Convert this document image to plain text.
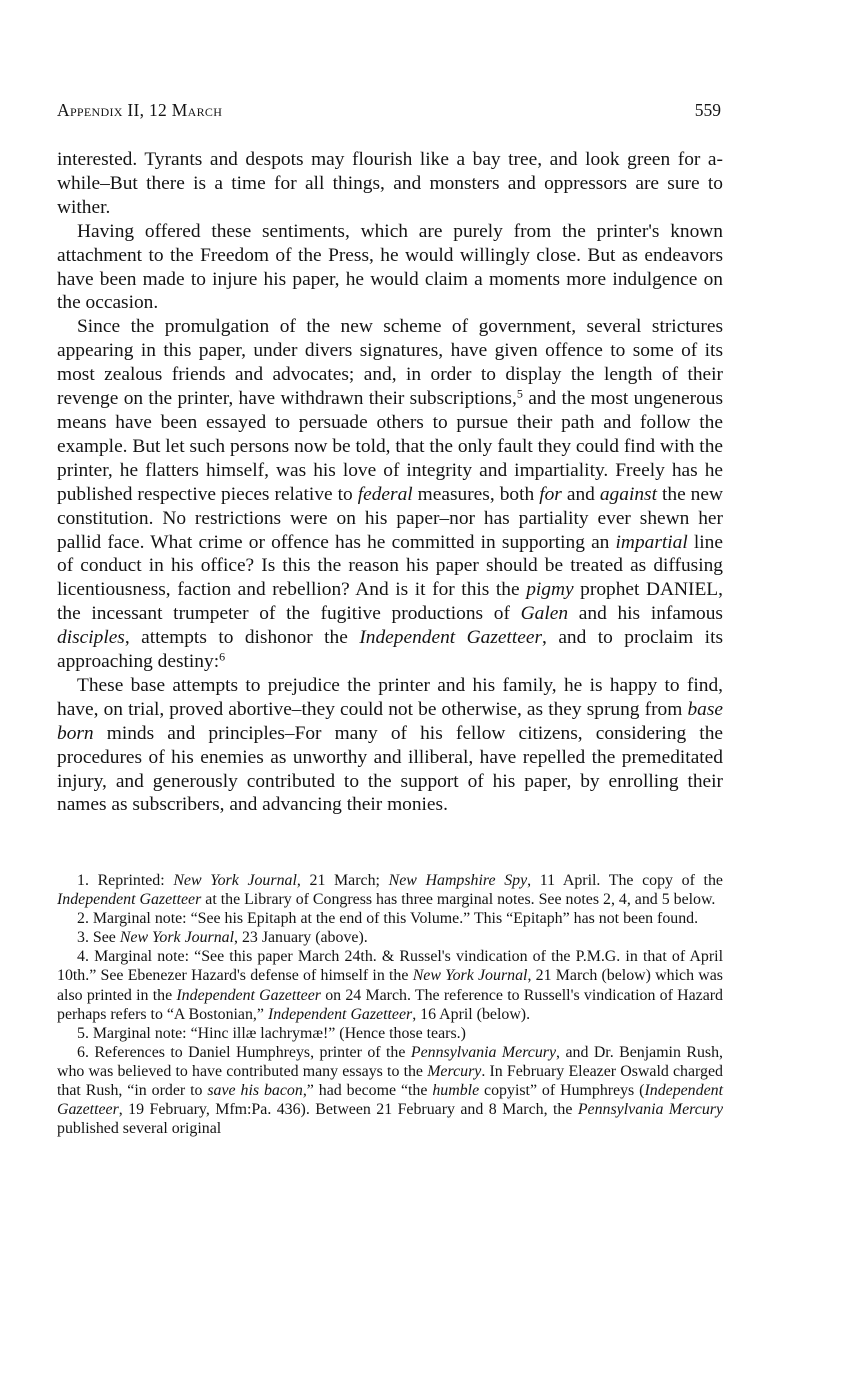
Appendix II, 12 March	559

interested. Tyrants and despots may flourish like a bay tree, and look green for a-while–But there is a time for all things, and monsters and oppressors are sure to wither.

Having offered these sentiments, which are purely from the printer's known attachment to the Freedom of the Press, he would willingly close. But as endeavors have been made to injure his paper, he would claim a moments more indulgence on the occasion.

Since the promulgation of the new scheme of government, several strictures appearing in this paper, under divers signatures, have given offence to some of its most zealous friends and advocates; and, in order to display the length of their revenge on the printer, have withdrawn their subscriptions,$^5$ and the most ungenerous means have been essayed to persuade others to pursue their path and follow the example. But let such persons now be told, that the only fault they could find with the printer, he flatters himself, was his love of integrity and impartiality. Freely has he published respective pieces relative to federal measures, both for and against the new constitution. No restrictions were on his paper–nor has partiality ever shewn her pallid face. What crime or offence has he committed in supporting an impartial line of conduct in his office? Is this the reason his paper should be treated as diffusing licentiousness, faction and rebellion? And is it for this the pigmy prophet DANIEL, the incessant trumpeter of the fugitive productions of Galen and his infamous disciples, attempts to dishonor the Independent Gazetteer, and to proclaim its approaching destiny:$^6$

These base attempts to prejudice the printer and his family, he is happy to find, have, on trial, proved abortive–they could not be otherwise, as they sprung from base born minds and principles–For many of his fellow citizens, considering the procedures of his enemies as unworthy and illiberal, have repelled the premeditated injury, and generously contributed to the support of his paper, by enrolling their names as subscribers, and advancing their monies.

1. Reprinted: New York Journal, 21 March; New Hampshire Spy, 11 April. The copy of the Independent Gazetteer at the Library of Congress has three marginal notes. See notes 2, 4, and 5 below.

2. Marginal note: “See his Epitaph at the end of this Volume.” This “Epitaph” has not been found.

3. See New York Journal, 23 January (above).

4. Marginal note: “See this paper March 24th. & Russel's vindication of the P.M.G. in that of April 10th.” See Ebenezer Hazard's defense of himself in the New York Journal, 21 March (below) which was also printed in the Independent Gazetteer on 24 March. The reference to Russell's vindication of Hazard perhaps refers to “A Bostonian,” Independent Gazetteer, 16 April (below).

5. Marginal note: “Hinc illæ lachrymæ!” (Hence those tears.)

6. References to Daniel Humphreys, printer of the Pennsylvania Mercury, and Dr. Benjamin Rush, who was believed to have contributed many essays to the Mercury. In February Eleazer Oswald charged that Rush, “in order to save his bacon,” had become “the humble copyist” of Humphreys (Independent Gazetteer, 19 February, Mfm:Pa. 436). Between 21 February and 8 March, the Pennsylvania Mercury published several original
